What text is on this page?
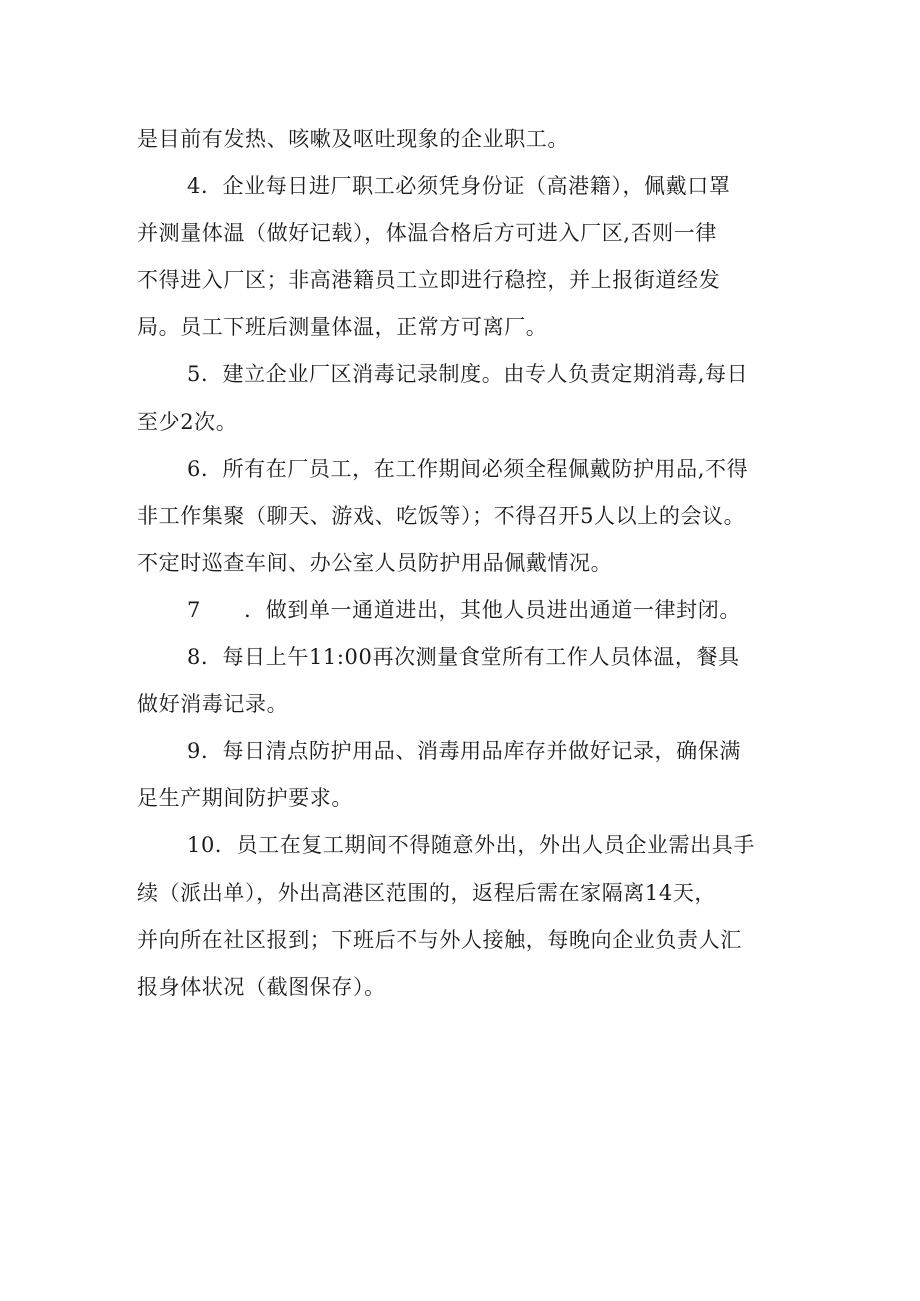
是目前有发热、咳嗽及呕吐现象的企业职工。
4．企业每日进厂职工必须凭身份证（高港籍），佩戴口罩
并测量体温（做好记载），体温合格后方可进入厂区,否则一律
不得进入厂区；非高港籍员工立即进行稳控，并上报街道经发
局。员工下班后测量体温，正常方可离厂。
5．建立企业厂区消毒记录制度。由专人负责定期消毒,每日
至少2次。
6．所有在厂员工，在工作期间必须全程佩戴防护用品,不得
非工作集聚（聊天、游戏、吃饭等）；不得召开5人以上的会议。
不定时巡查车间、办公室人员防护用品佩戴情况。
7　　．做到单一通道进出，其他人员进出通道一律封闭。
8．每日上午11:00再次测量食堂所有工作人员体温，餐具
做好消毒记录。
9．每日清点防护用品、消毒用品库存并做好记录，确保满
足生产期间防护要求。
10．员工在复工期间不得随意外出，外出人员企业需出具手
续（派出单），外出高港区范围的，返程后需在家隔离14天，
并向所在社区报到；下班后不与外人接触，每晚向企业负责人汇
报身体状况（截图保存）。
